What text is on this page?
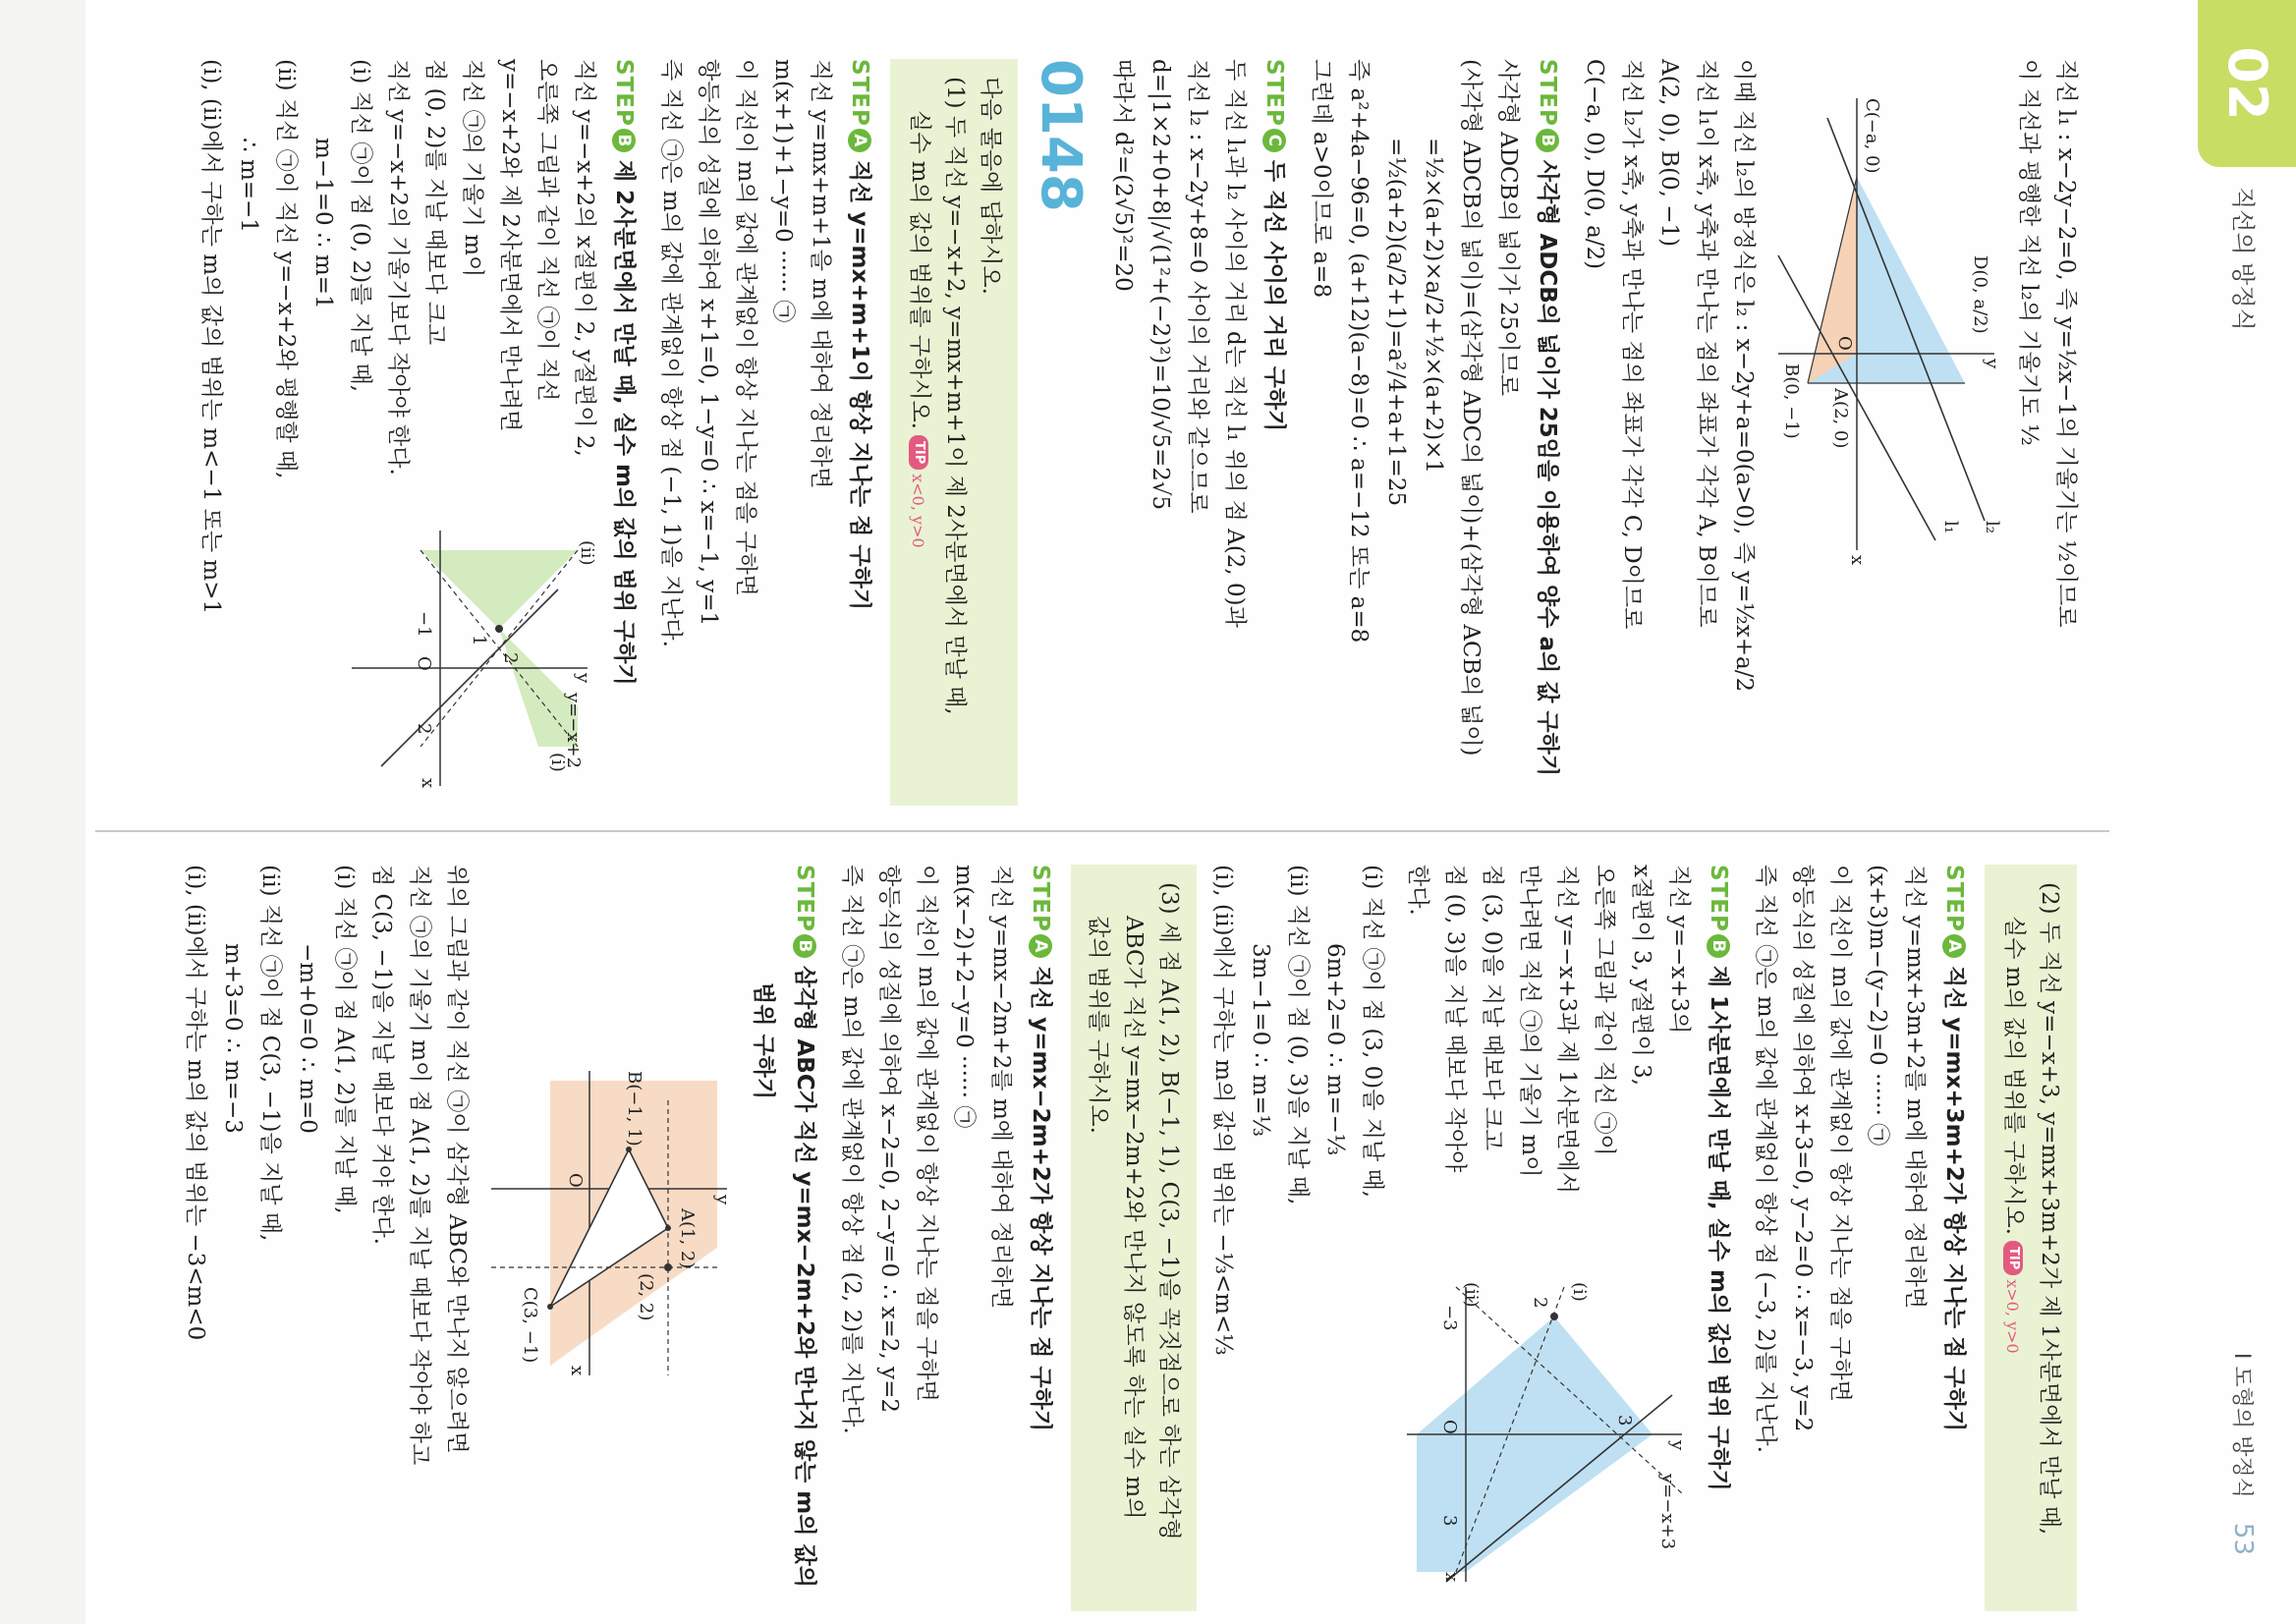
02
직선의 방정식
I 도형의 방정식 53
직선 l₁ : x−2y−2=0, 즉 y=½x−1의 기울기는 ½이므로
이 직선과 평행한 직선 l₂의 기울기도 ½
C(−a, 0)
D(0, a/2)
A(2, 0)
B(0, −1)
O
x
y
l₁ l₂
이때 직선 l₂의 방정식은 l₂ : x−2y+a=0(a>0), 즉 y=½x+a/2
직선 l₁이 x축, y축과 만나는 점의 좌표가 각각 A, B이므로
A(2, 0), B(0, −1)
직선 l₂가 x축, y축과 만나는 점의 좌표가 각각 C, D이므로
C(−a, 0), D(0, a/2)
STEPB사각형 ADCB의 넓이가 25임을 이용하여 양수 a의 값 구하기
사각형 ADCB의 넓이가 25이므로
(사각형 ADCB의 넓이)=(삼각형 ADC의 넓이)+(삼각형 ACB의 넓이)
=½×(a+2)×a/2+½×(a+2)×1
=½(a+2)(a/2+1)=a²/4+a+1=25
즉 a²+4a−96=0, (a+12)(a−8)=0 ∴ a=−12 또는 a=8
그런데 a>0이므로 a=8
STEPC두 직선 사이의 거리 구하기
두 직선 l₁과 l₂ 사이의 거리 d는 직선 l₁ 위의 점 A(2, 0)과
직선 l₂ : x−2y+8=0 사이의 거리와 같으므로
d=|1×2+0+8|/√(1²+(−2)²)=10/√5=2√5
따라서 d²=(2√5)²=20
0148
다음 물음에 답하시오.
(1) 두 직선 y=−x+2, y=mx+m+1이 제 2사분면에서 만날 때,
실수 m의 값의 범위를 구하시오.TIPx<0, y>0
STEPA직선 y=mx+m+1이 항상 지나는 점 구하기
직선 y=mx+m+1을 m에 대하여 정리하면
m(x+1)+1−y=0 ······ ㉠
이 직선이 m의 값에 관계없이 항상 지나는 점을 구하면
항등식의 성질에 의하여 x+1=0, 1−y=0 ∴ x=−1, y=1
즉 직선 ㉠은 m의 값에 관계없이 항상 점 (−1, 1)을 지난다.
STEPB제 2사분면에서 만날 때, 실수 m의 값의 범위 구하기
직선 y=−x+2의 x절편이 2, y절편이 2,
오른쪽 그림과 같이 직선 ㉠이 직선
y=−x+2와 제 2사분면에서 만나려면
직선 ㉠의 기울기 m이
점 (0, 2)를 지날 때보다 크고
직선 y=−x+2의 기울기보다 작아야 한다.
(ⅰ) 직선 ㉠이 점 (0, 2)를 지날 때,
m−1=0 ∴ m=1
(ⅱ) 직선 ㉠이 직선 y=−x+2와 평행할 때,
∴ m=−1
y=−x+2
y
x
(ⅰ)
(ⅱ)
2
1
−1
O
2
(ⅰ), (ⅱ)에서 구하는 m의 값의 범위는 m<−1 또는 m>1
(2) 두 직선 y=−x+3, y=mx+3m+2가 제 1사분면에서 만날 때,
실수 m의 값의 범위를 구하시오.TIPx>0, y>0
STEPA직선 y=mx+3m+2가 항상 지나는 점 구하기
직선 y=mx+3m+2를 m에 대하여 정리하면
(x+3)m−(y−2)=0 ······ ㉠
이 직선이 m의 값에 관계없이 항상 지나는 점을 구하면
항등식의 성질에 의하여 x+3=0, y−2=0 ∴ x=−3, y=2
즉 직선 ㉠은 m의 값에 관계없이 항상 점 (−3, 2)를 지난다.
STEPB제 1사분면에서 만날 때, 실수 m의 값의 범위 구하기
직선 y=−x+3의
x절편이 3, y절편이 3,
오른쪽 그림과 같이 직선 ㉠이
직선 y=−x+3과 제 1사분면에서
만나려면 직선 ㉠의 기울기 m이
점 (3, 0)을 지날 때보다 크고
점 (0, 3)을 지날 때보다 작아야
한다.
y=−x+3
y
x
(ⅰ)
(ⅱ)
−3
O
3
3
2
(ⅰ) 직선 ㉠이 점 (3, 0)을 지날 때,
6m+2=0 ∴ m=−⅓
(ⅱ) 직선 ㉠이 점 (0, 3)을 지날 때,
3m−1=0 ∴ m=⅓
(ⅰ), (ⅱ)에서 구하는 m의 값의 범위는 −⅓<m<⅓
(3) 세 점 A(1, 2), B(−1, 1), C(3, −1)을 꼭짓점으로 하는 삼각형
ABC가 직선 y=mx−2m+2와 만나지 않도록 하는 실수 m의
값의 범위를 구하시오.
STEPA직선 y=mx−2m+2가 항상 지나는 점 구하기
직선 y=mx−2m+2를 m에 대하여 정리하면
m(x−2)+2−y=0 ······ ㉠
이 직선이 m의 값에 관계없이 항상 지나는 점을 구하면
항등식의 성질에 의하여 x−2=0, 2−y=0 ∴ x=2, y=2
즉 직선 ㉠은 m의 값에 관계없이 항상 점 (2, 2)를 지난다.
STEPB삼각형 ABC가 직선 y=mx−2m+2와 만나지 않는 m의 값의
범위 구하기
A(1, 2)
B(−1, 1)
C(3, −1)	(2, 2)
O
x
y
위의 그림과 같이 직선 ㉠이 삼각형 ABC와 만나지 않으려면
직선 ㉠의 기울기 m이 점 A(1, 2)를 지날 때보다 작아야 하고
점 C(3, −1)을 지날 때보다 커야 한다.
(ⅰ) 직선 ㉠이 점 A(1, 2)를 지날 때,
−m+0=0 ∴ m=0
(ⅱ) 직선 ㉠이 점 C(3, −1)을 지날 때,
m+3=0 ∴ m=−3
(ⅰ), (ⅱ)에서 구하는 m의 값의 범위는 −3<m<0
